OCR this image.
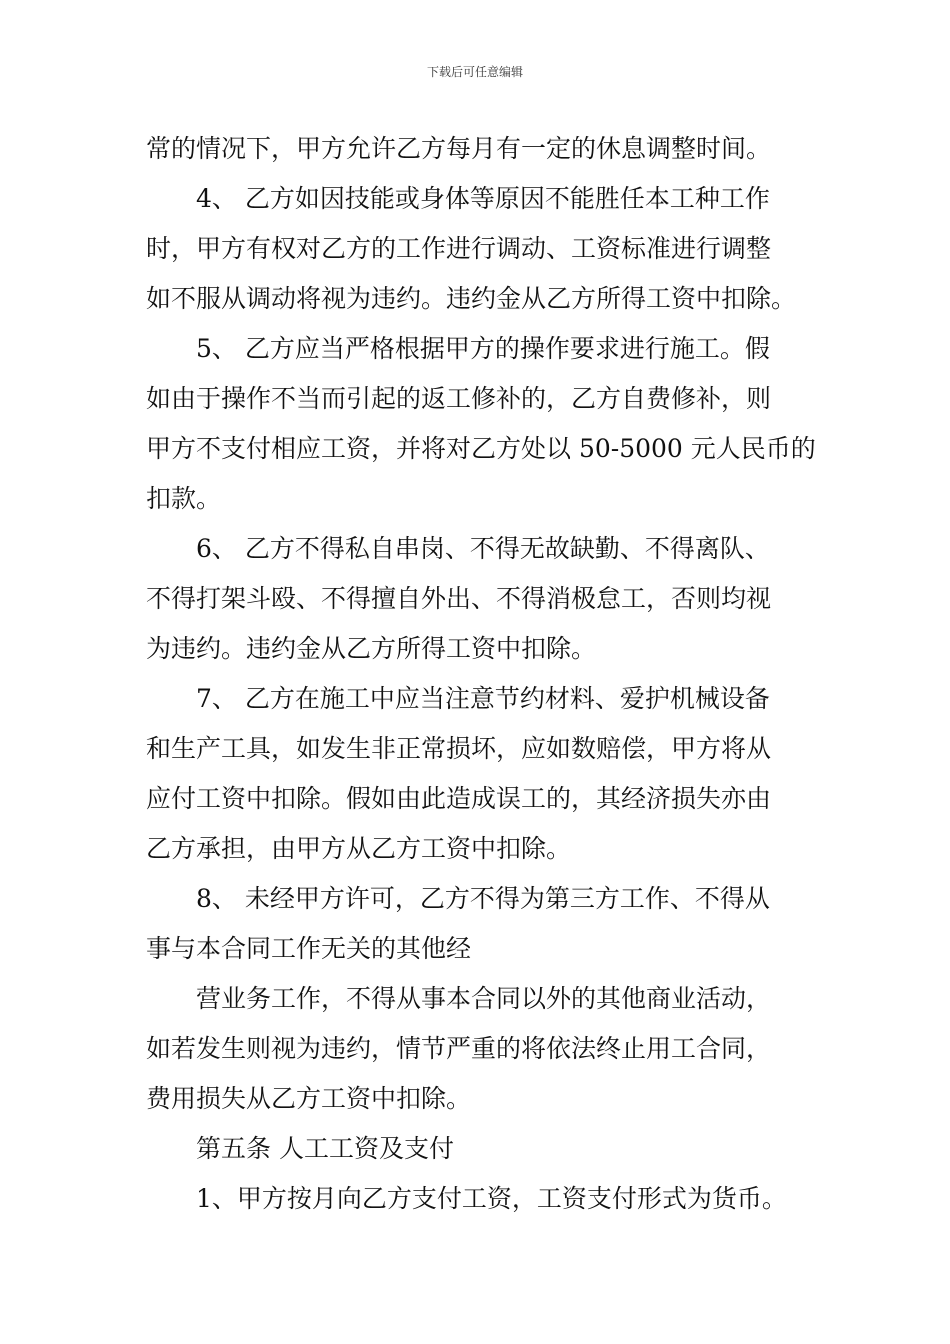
下载后可任意编辑
常的情况下，甲方允许乙方每月有一定的休息调整时间。
4、 乙方如因技能或身体等原因不能胜任本工种工作
时，甲方有权对乙方的工作进行调动、工资标准进行调整
如不服从调动将视为违约。违约金从乙方所得工资中扣除。
5、 乙方应当严格根据甲方的操作要求进行施工。假
如由于操作不当而引起的返工修补的，乙方自费修补，则
甲方不支付相应工资，并将对乙方处以 50-5000 元人民币的
扣款。
6、 乙方不得私自串岗、不得无故缺勤、不得离队、
不得打架斗殴、不得擅自外出、不得消极怠工，否则均视
为违约。违约金从乙方所得工资中扣除。
7、 乙方在施工中应当注意节约材料、爱护机械设备
和生产工具，如发生非正常损坏，应如数赔偿，甲方将从
应付工资中扣除。假如由此造成误工的，其经济损失亦由
乙方承担，由甲方从乙方工资中扣除。
8、 未经甲方许可，乙方不得为第三方工作、不得从
事与本合同工作无关的其他经
营业务工作，不得从事本合同以外的其他商业活动，
如若发生则视为违约，情节严重的将依法终止用工合同，
费用损失从乙方工资中扣除。
第五条 人工工资及支付
1、甲方按月向乙方支付工资，工资支付形式为货币。
